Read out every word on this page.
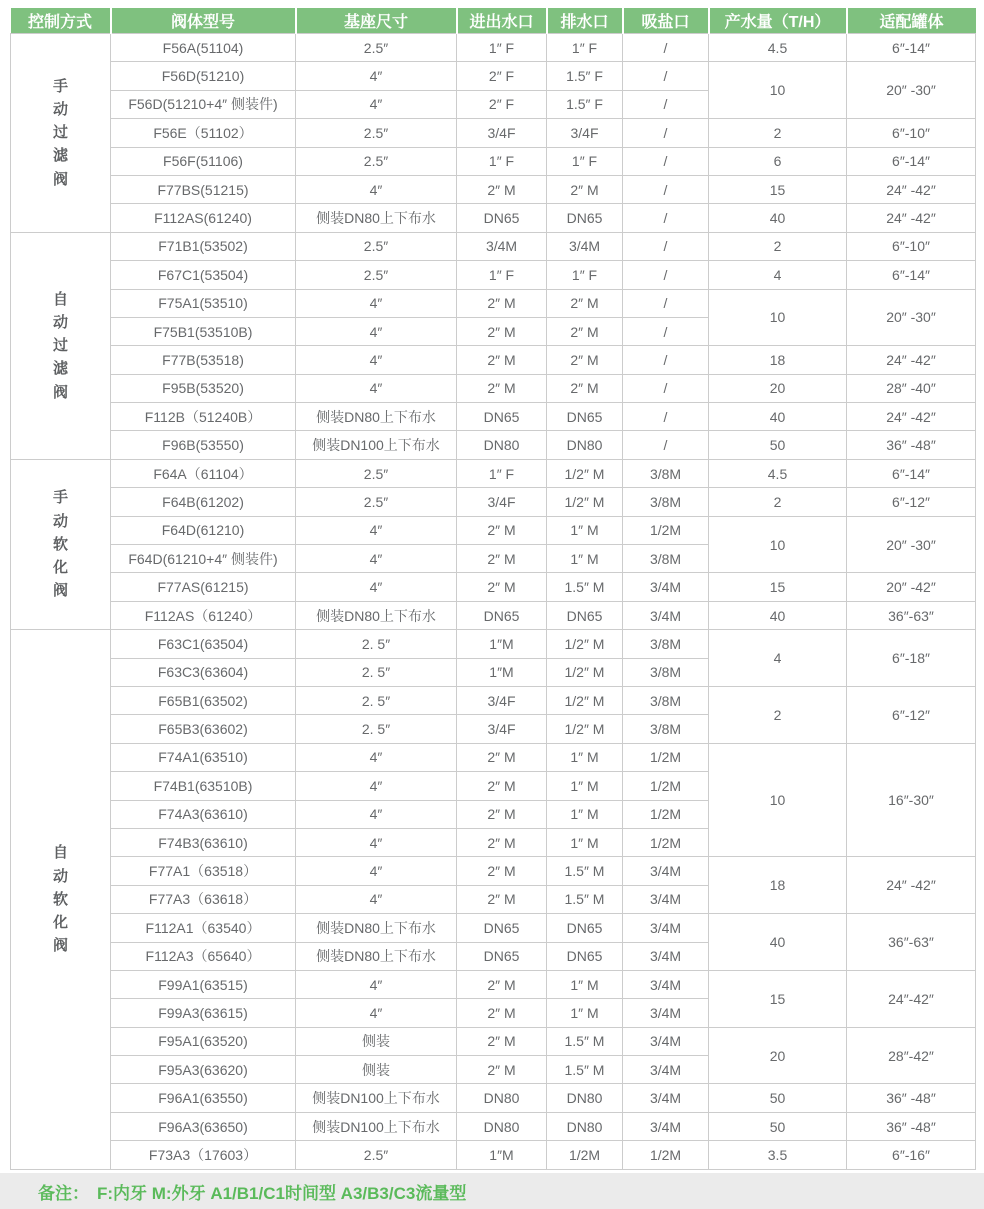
控制方式	阀体型号	基座尺寸	进出水口	排水口	吸盐口	产水量（T/H）	适配罐体

手动过滤阀	F56A(51104)	2.5″	1″ F	1″ F	/	4.5	6″-14″
	F56D(51210)	4″	2″ F	1.5″ F	/	10	20″ -30″
	F56D(51210+4″ 侧装件)	4″	2″ F	1.5″ F	/		
	F56E（51102）	2.5″	3/4F	3/4F	/	2	6″-10″
	F56F(51106)	2.5″	1″ F	1″ F	/	6	6″-14″
	F77BS(51215)	4″	2″ M	2″ M	/	15	24″ -42″
	F112AS(61240)	侧装DN80上下布水	DN65	DN65	/	40	24″ -42″

自动过滤阀	F71B1(53502)	2.5″	3/4M	3/4M	/	2	6″-10″
	F67C1(53504)	2.5″	1″ F	1″ F	/	4	6″-14″
	F75A1(53510)	4″	2″ M	2″ M	/	10	20″ -30″
	F75B1(53510B)	4″	2″ M	2″ M	/		
	F77B(53518)	4″	2″ M	2″ M	/	18	24″ -42″
	F95B(53520)	4″	2″ M	2″ M	/	20	28″ -40″
	F112B（51240B）	侧装DN80上下布水	DN65	DN65	/	40	24″ -42″
	F96B(53550)	侧装DN100上下布水	DN80	DN80	/	50	36″ -48″

手动软化阀	F64A（61104）	2.5″	1″ F	1/2″ M	3/8M	4.5	6″-14″
	F64B(61202)	2.5″	3/4F	1/2″ M	3/8M	2	6″-12″
	F64D(61210)	4″	2″ M	1″ M	1/2M	10	20″ -30″
	F64D(61210+4″ 侧装件)	4″	2″ M	1″ M	3/8M		
	F77AS(61215)	4″	2″ M	1.5″ M	3/4M	15	20″ -42″
	F112AS（61240）	侧装DN80上下布水	DN65	DN65	3/4M	40	36″-63″

自动软化阀	F63C1(63504)	2. 5″	1″M	1/2″ M	3/8M	4	6″-18″
	F63C3(63604)	2. 5″	1″M	1/2″ M	3/8M		
	F65B1(63502)	2. 5″	3/4F	1/2″ M	3/8M	2	6″-12″
	F65B3(63602)	2. 5″	3/4F	1/2″ M	3/8M		
	F74A1(63510)	4″	2″ M	1″ M	1/2M	10	16″-30″
	F74B1(63510B)	4″	2″ M	1″ M	1/2M		
	F74A3(63610)	4″	2″ M	1″ M	1/2M		
	F74B3(63610)	4″	2″ M	1″ M	1/2M		
	F77A1（63518）	4″	2″ M	1.5″ M	3/4M	18	24″ -42″
	F77A3（63618）	4″	2″ M	1.5″ M	3/4M		
	F112A1（63540）	侧装DN80上下布水	DN65	DN65	3/4M	40	36″-63″
	F112A3（65640）	侧装DN80上下布水	DN65	DN65	3/4M		
	F99A1(63515)	4″	2″ M	1″ M	3/4M	15	24″-42″
	F99A3(63615)	4″	2″ M	1″ M	3/4M		
	F95A1(63520)	侧装	2″ M	1.5″ M	3/4M	20	28″-42″
	F95A3(63620)	侧装	2″ M	1.5″ M	3/4M		
	F96A1(63550)	侧装DN100上下布水	DN80	DN80	3/4M	50	36″ -48″
	F96A3(63650)	侧装DN100上下布水	DN80	DN80	3/4M	50	36″ -48″
	F73A3（17603）	2.5″	1″M	1/2M	1/2M	3.5	6″-16″
备注： F:内牙 M:外牙 A1/B1/C1时间型 A3/B3/C3流量型
